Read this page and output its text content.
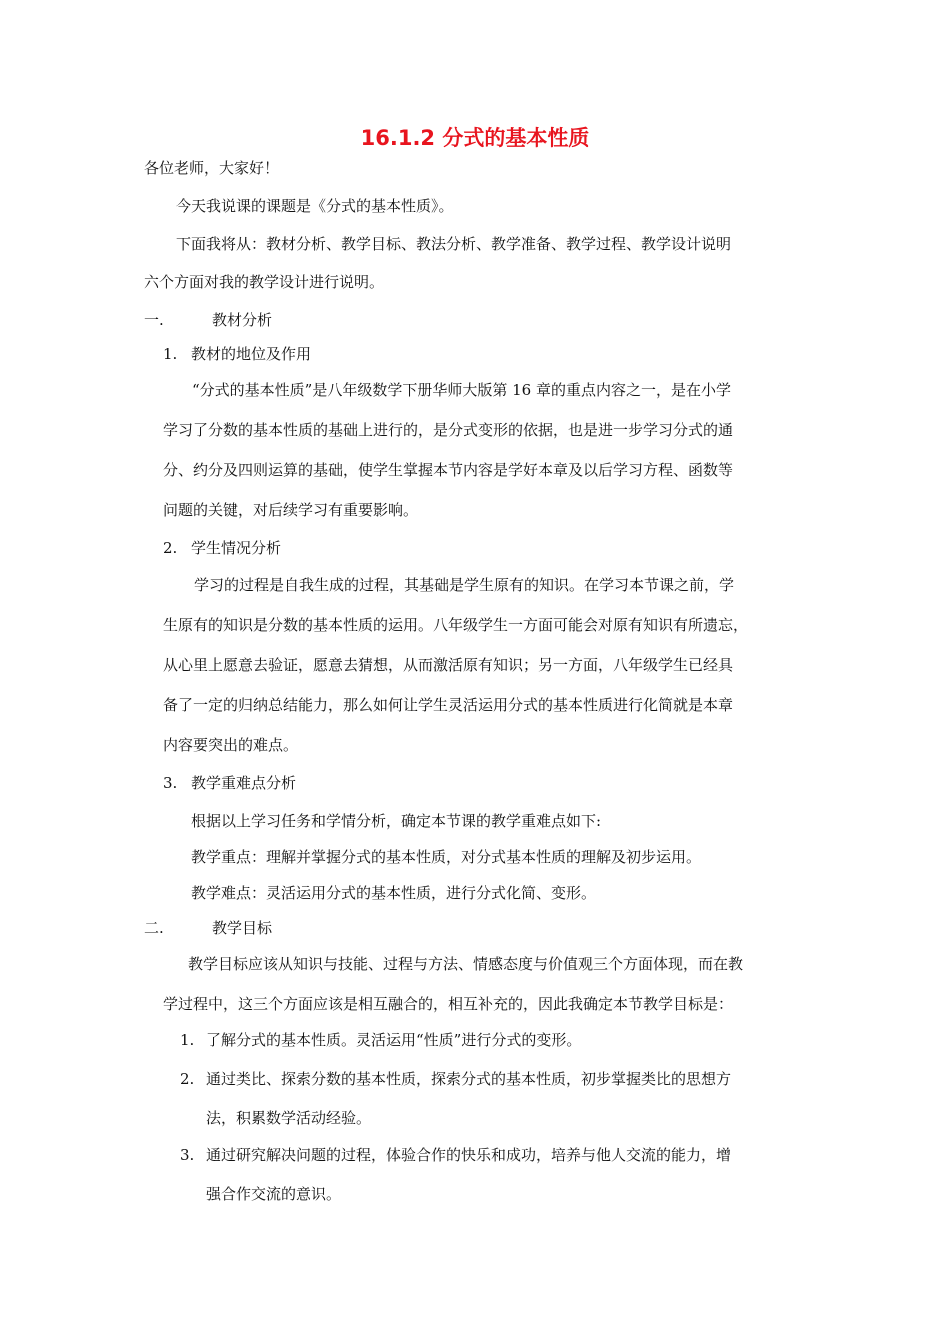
16.1.2 分式的基本性质
各位老师，大家好！
今天我说课的课题是《分式的基本性质》。
下面我将从：教材分析、教学目标、教法分析、教学准备、教学过程、教学设计说明
六个方面对我的教学设计进行说明。
一.	教材分析
1. 教材的地位及作用
“分式的基本性质”是八年级数学下册华师大版第 16 章的重点内容之一，是在小学
学习了分数的基本性质的基础上进行的，是分式变形的依据，也是进一步学习分式的通
分、约分及四则运算的基础，使学生掌握本节内容是学好本章及以后学习方程、函数等
问题的关键，对后续学习有重要影响。
2. 学生情况分析
学习的过程是自我生成的过程，其基础是学生原有的知识。在学习本节课之前，学
生原有的知识是分数的基本性质的运用。八年级学生一方面可能会对原有知识有所遗忘，
从心里上愿意去验证，愿意去猜想，从而激活原有知识；另一方面，八年级学生已经具
备了一定的归纳总结能力，那么如何让学生灵活运用分式的基本性质进行化简就是本章
内容要突出的难点。
3. 教学重难点分析
根据以上学习任务和学情分析，确定本节课的教学重难点如下:
教学重点：理解并掌握分式的基本性质，对分式基本性质的理解及初步运用。
教学难点：灵活运用分式的基本性质，进行分式化简、变形。
二.	教学目标
教学目标应该从知识与技能、过程与方法、情感态度与价值观三个方面体现，而在教
学过程中，这三个方面应该是相互融合的，相互补充的，因此我确定本节教学目标是：
1. 了解分式的基本性质。灵活运用“性质”进行分式的变形。
2. 通过类比、探索分数的基本性质，探索分式的基本性质，初步掌握类比的思想方
法，积累数学活动经验。
3. 通过研究解决问题的过程，体验合作的快乐和成功，培养与他人交流的能力，增
强合作交流的意识。
